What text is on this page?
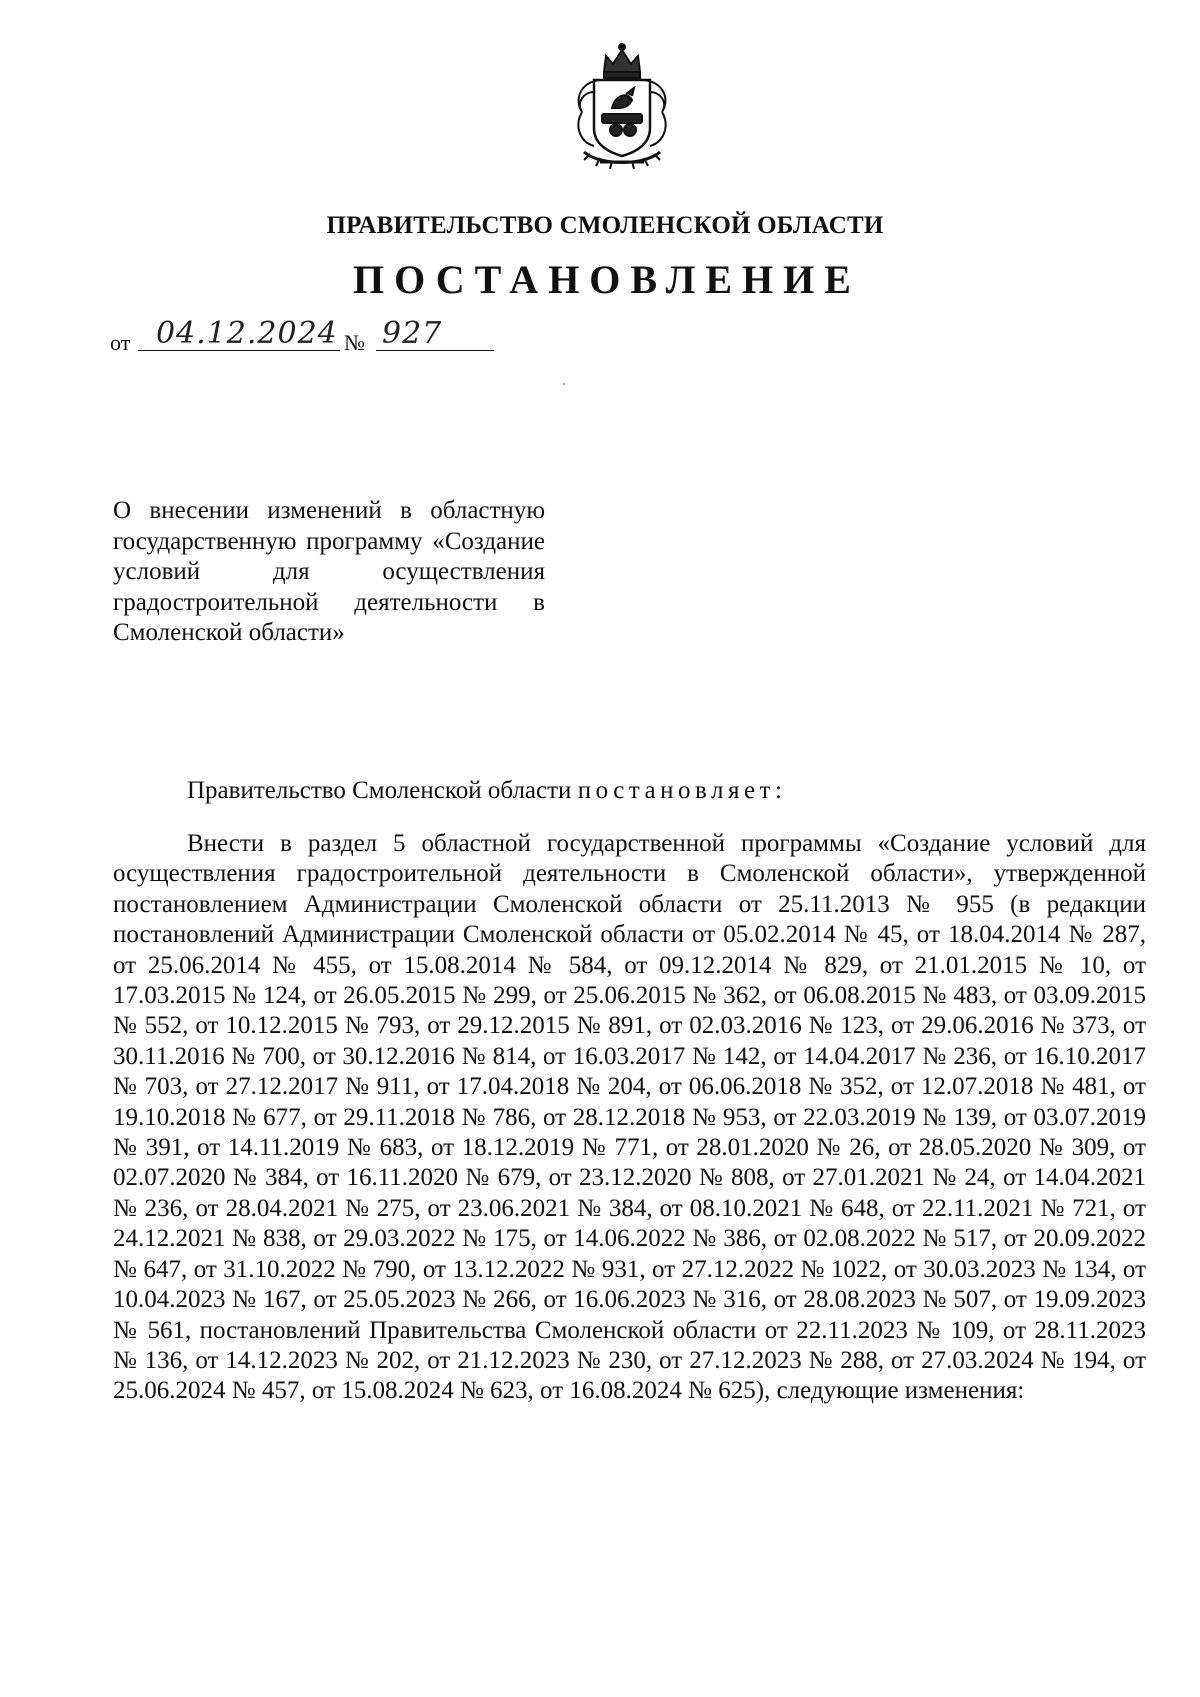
ПРАВИТЕЛЬСТВО СМОЛЕНСКОЙ ОБЛАСТИ
ПОСТАНОВЛЕНИЕ
от 04.12.2024 № 927
О внесении изменений в областную государственную программу «Создание условий для осуществления градостроительной деятельности в Смоленской области»
Правительство Смоленской области постановляет:
Внести в раздел 5 областной государственной программы «Создание условий для осуществления градостроительной деятельности в Смоленской области», утвержденной постановлением Администрации Смоленской области от 25.11.2013 № 955 (в редакции постановлений Администрации Смоленской области от 05.02.2014 № 45, от 18.04.2014 № 287, от 25.06.2014 № 455, от 15.08.2014 № 584, от 09.12.2014 № 829, от 21.01.2015 № 10, от 17.03.2015 № 124, от 26.05.2015 № 299, от 25.06.2015 № 362, от 06.08.2015 № 483, от 03.09.2015 № 552, от 10.12.2015 № 793, от 29.12.2015 № 891, от 02.03.2016 № 123, от 29.06.2016 № 373, от 30.11.2016 № 700, от 30.12.2016 № 814, от 16.03.2017 № 142, от 14.04.2017 № 236, от 16.10.2017 № 703, от 27.12.2017 № 911, от 17.04.2018 № 204, от 06.06.2018 № 352, от 12.07.2018 № 481, от 19.10.2018 № 677, от 29.11.2018 № 786, от 28.12.2018 № 953, от 22.03.2019 № 139, от 03.07.2019 № 391, от 14.11.2019 № 683, от 18.12.2019 № 771, от 28.01.2020 № 26, от 28.05.2020 № 309, от 02.07.2020 № 384, от 16.11.2020 № 679, от 23.12.2020 № 808, от 27.01.2021 № 24, от 14.04.2021 № 236, от 28.04.2021 № 275, от 23.06.2021 № 384, от 08.10.2021 № 648, от 22.11.2021 № 721, от 24.12.2021 № 838, от 29.03.2022 № 175, от 14.06.2022 № 386, от 02.08.2022 № 517, от 20.09.2022 № 647, от 31.10.2022 № 790, от 13.12.2022 № 931, от 27.12.2022 № 1022, от 30.03.2023 № 134, от 10.04.2023 № 167, от 25.05.2023 № 266, от 16.06.2023 № 316, от 28.08.2023 № 507, от 19.09.2023 № 561, постановлений Правительства Смоленской области от 22.11.2023 № 109, от 28.11.2023 № 136, от 14.12.2023 № 202, от 21.12.2023 № 230, от 27.12.2023 № 288, от 27.03.2024 № 194, от 25.06.2024 № 457, от 15.08.2024 № 623, от 16.08.2024 № 625), следующие изменения:
